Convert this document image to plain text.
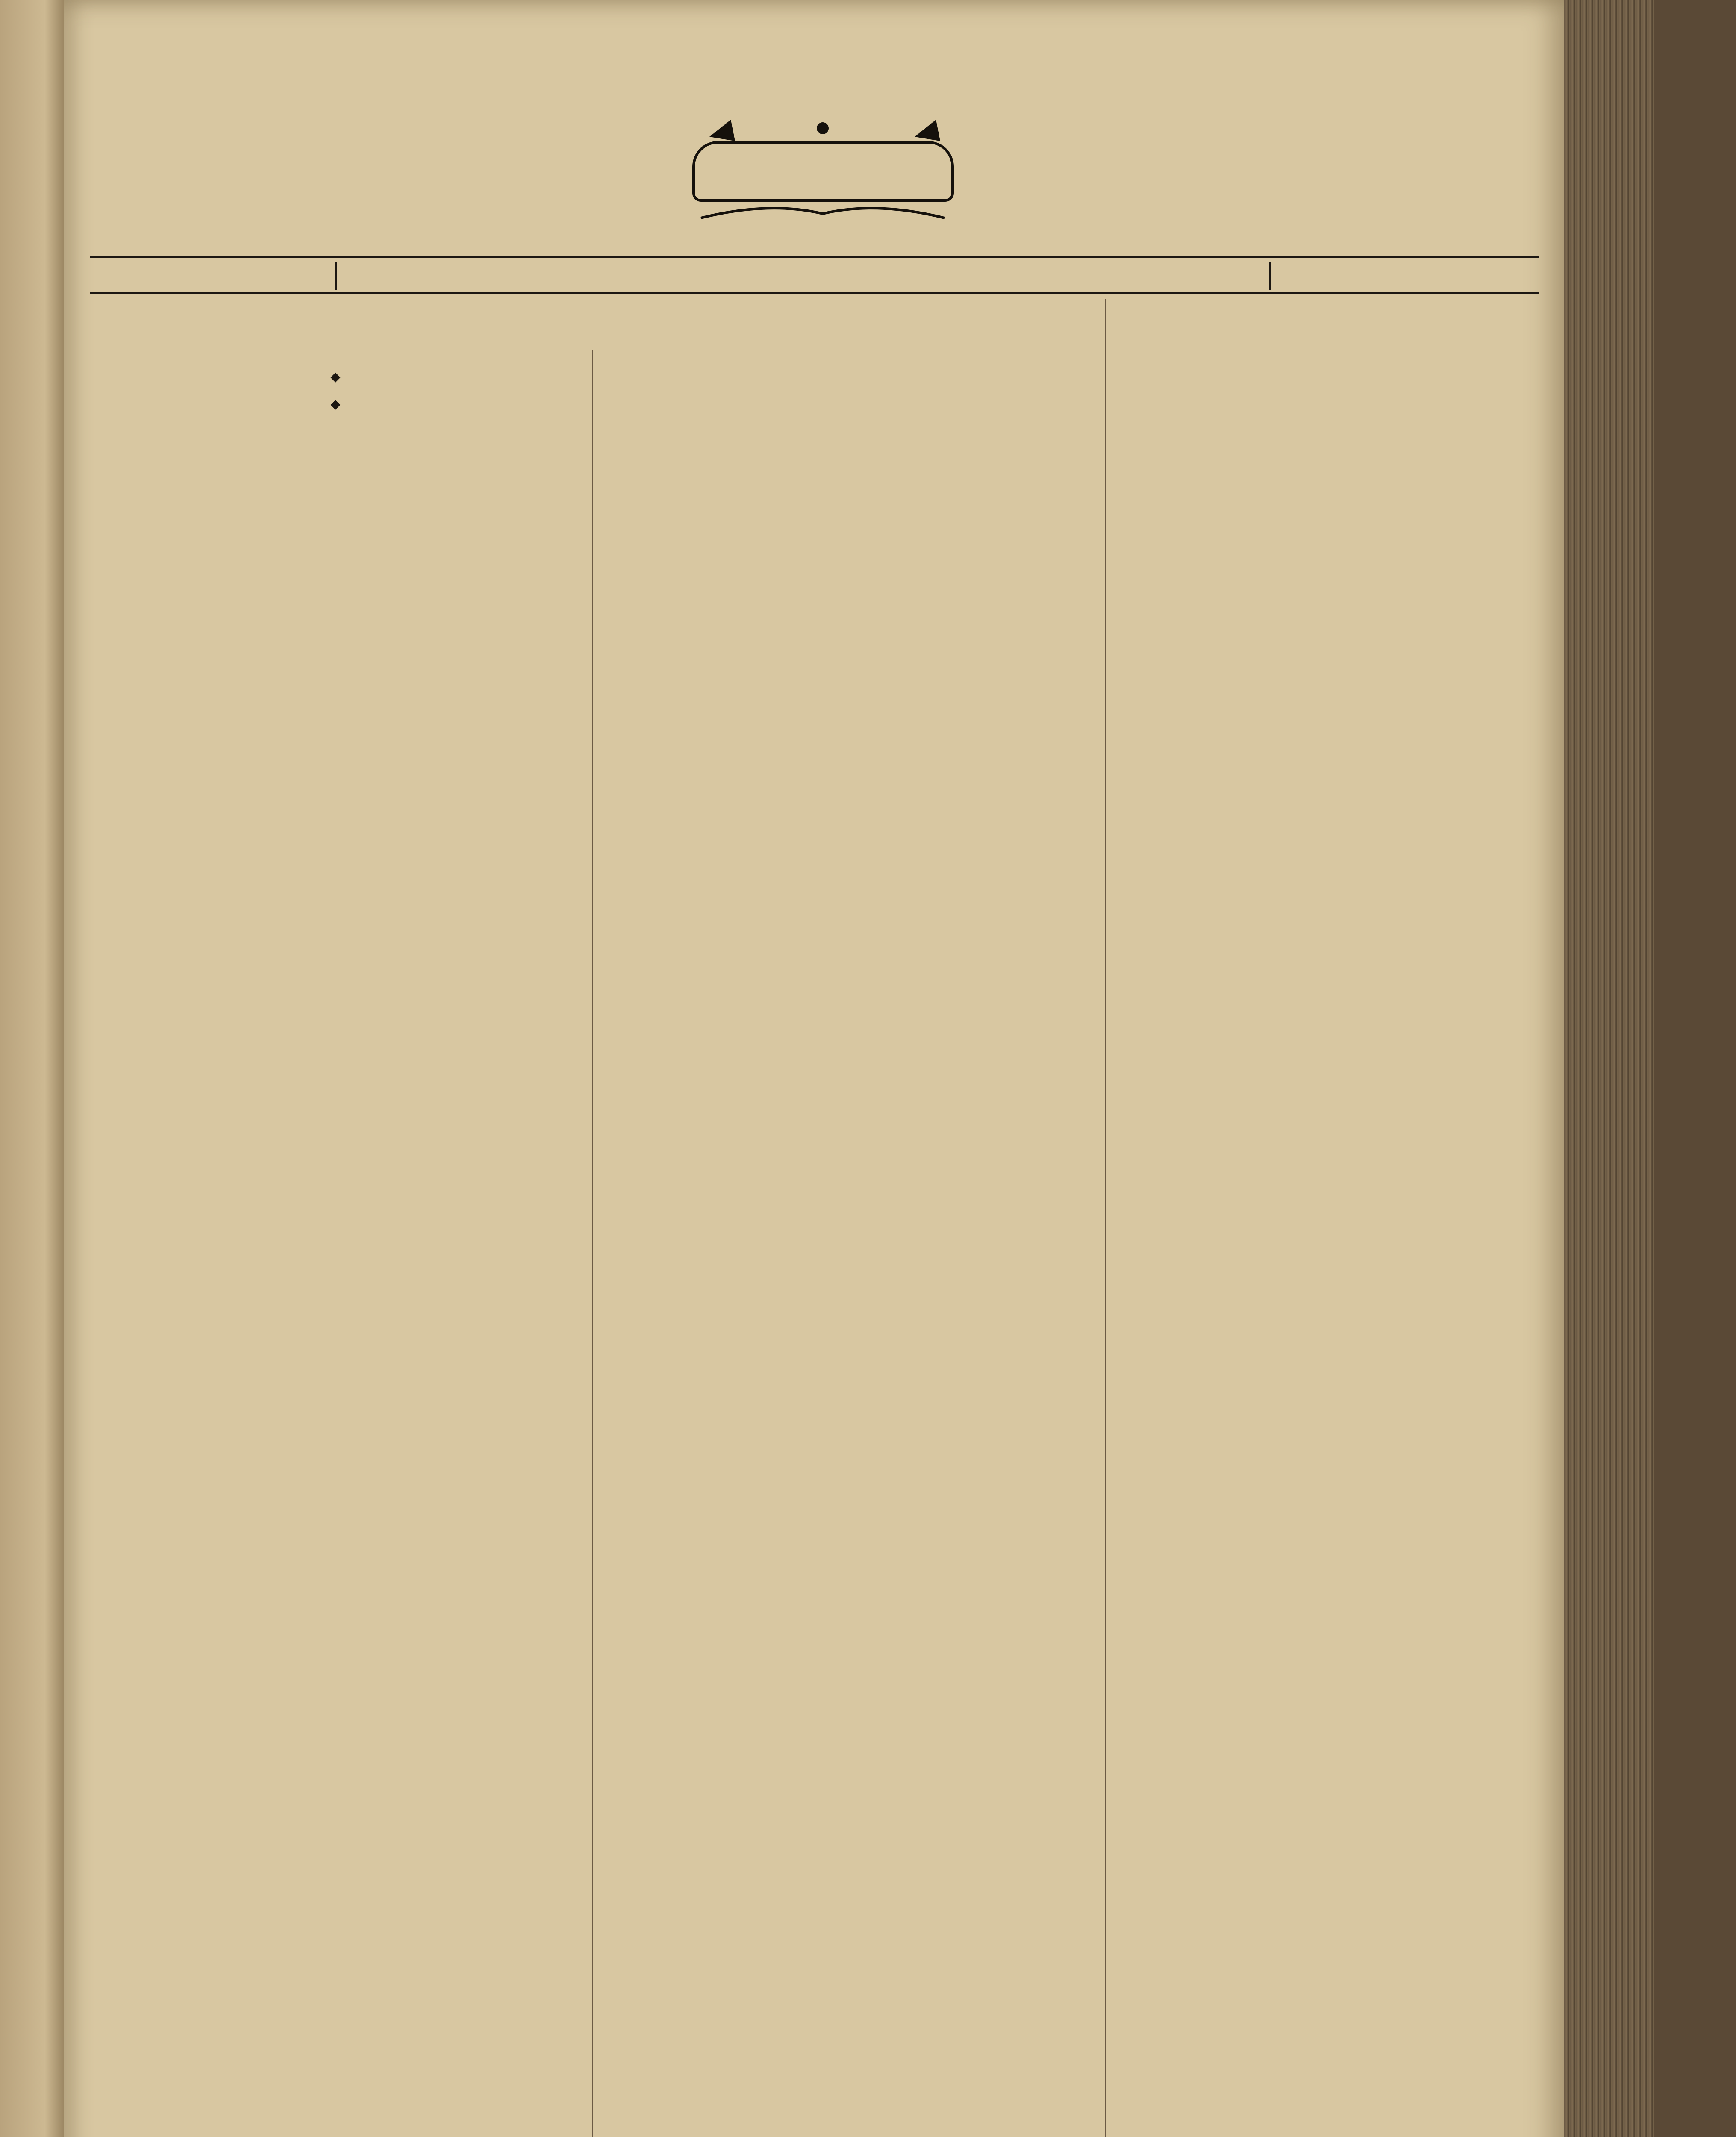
◆
◆
